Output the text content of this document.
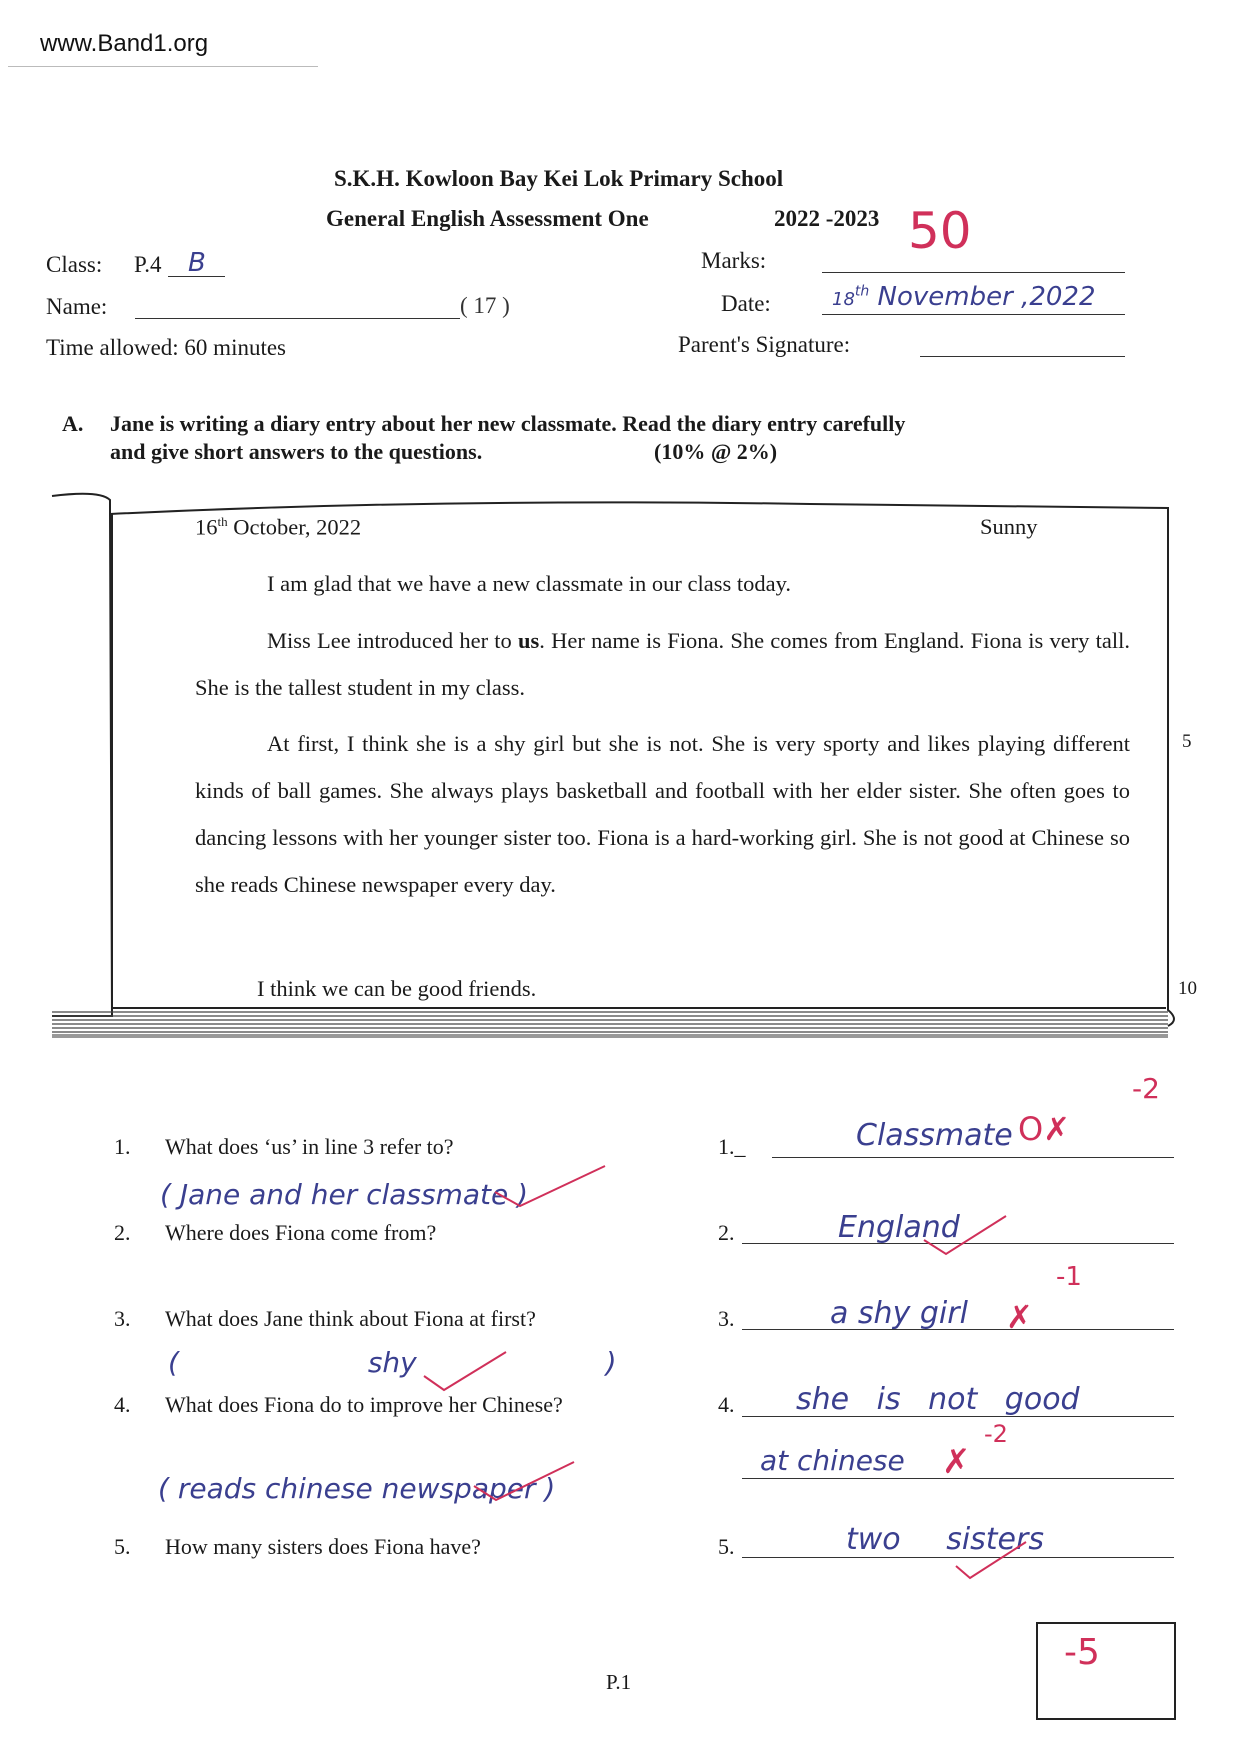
www.Band1.org
S.K.H. Kowloon Bay Kei Lok Primary School
General English Assessment One	2022 -2023
Class: P.4 B
Name:	( 17 )
Time allowed: 60 minutes
Marks:
50
Date:	18th November ,2022
Parent's Signature:
A. Jane is writing a diary entry about her new classmate. Read the diary entry carefully
and give short answers to the questions.	(10% @ 2%)
16th October, 2022	Sunny
I am glad that we have a new classmate in our class today.
Miss Lee introduced her to us. Her name is Fiona. She comes from England. Fiona is very tall. She is the tallest student in my class.
At first, I think she is a shy girl but she is not. She is very sporty and likes playing different kinds of ball games. She always plays basketball and football with her elder sister. She often goes to dancing lessons with her younger sister too. Fiona is a hard-working girl. She is not good at Chinese so she reads Chinese newspaper every day.
I think we can be good friends.
5
10
-2
1. What does ‘us’ in line 3 refer to?	1._	Classmate O✗
( Jane and her classmate )
2. Where does Fiona come from?	2.	England
3. What does Jane think about Fiona at first?	3.	a shy girl ✗
-1
( shy )
4. What does Fiona do to improve her Chinese?	4. she is not good
at chinese ✗
-2
( reads chinese newspaper )
5. How many sisters does Fiona have?	5.	two sisters
P.1
-5
